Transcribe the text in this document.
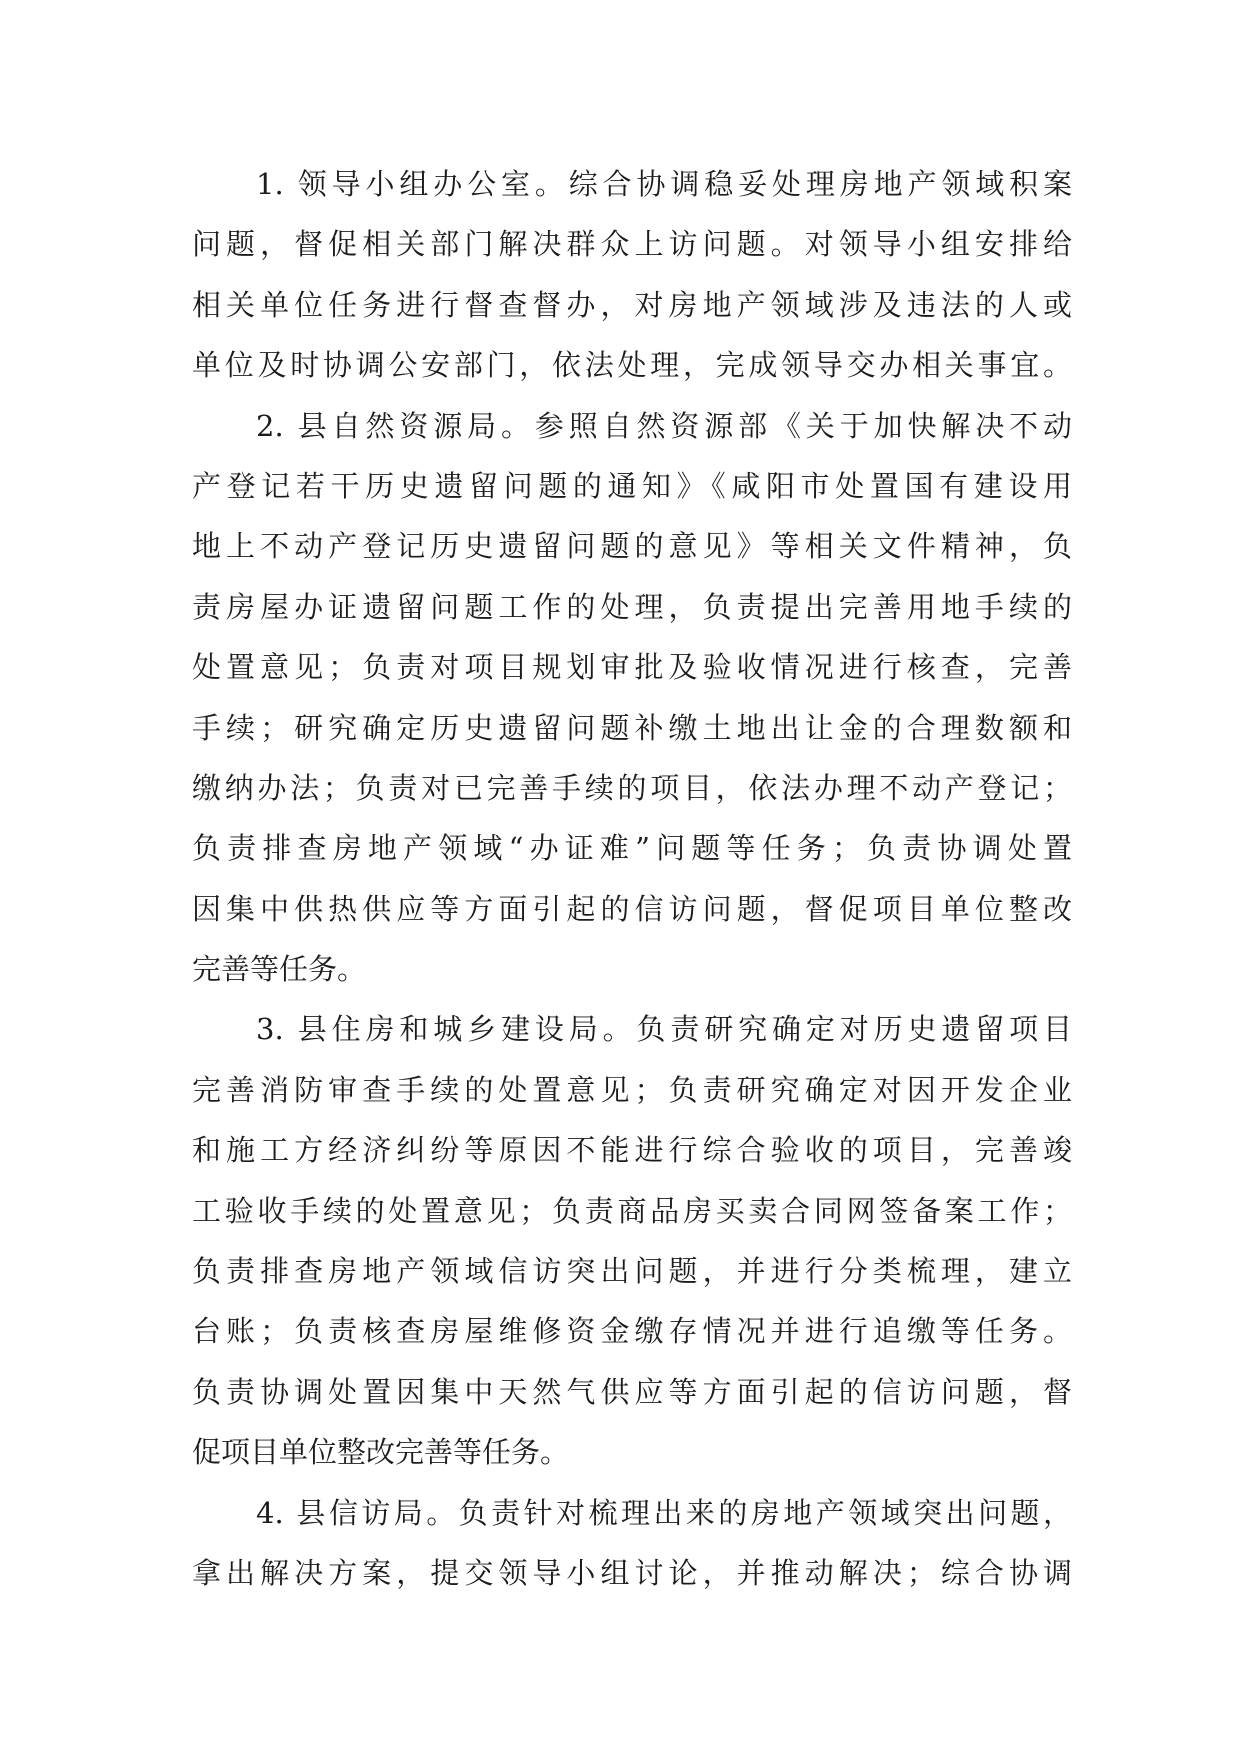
1. 领导小组办公室。综合协调稳妥处理房地产领域积案
问题，督促相关部门解决群众上访问题。对领导小组安排给
相关单位任务进行督查督办，对房地产领域涉及违法的人或
单位及时协调公安部门，依法处理，完成领导交办相关事宜。
2. 县自然资源局。参照自然资源部《关于加快解决不动
产登记若干历史遗留问题的通知》《咸阳市处置国有建设用
地上不动产登记历史遗留问题的意见》等相关文件精神，负
责房屋办证遗留问题工作的处理，负责提出完善用地手续的
处置意见；负责对项目规划审批及验收情况进行核查，完善
手续；研究确定历史遗留问题补缴土地出让金的合理数额和
缴纳办法；负责对已完善手续的项目，依法办理不动产登记；
负责排查房地产领域“办证难”问题等任务；负责协调处置
因集中供热供应等方面引起的信访问题，督促项目单位整改
完善等任务。
3. 县住房和城乡建设局。负责研究确定对历史遗留项目
完善消防审查手续的处置意见；负责研究确定对因开发企业
和施工方经济纠纷等原因不能进行综合验收的项目，完善竣
工验收手续的处置意见；负责商品房买卖合同网签备案工作；
负责排查房地产领域信访突出问题，并进行分类梳理，建立
台账；负责核查房屋维修资金缴存情况并进行追缴等任务。
负责协调处置因集中天然气供应等方面引起的信访问题，督
促项目单位整改完善等任务。
4. 县信访局。负责针对梳理出来的房地产领域突出问题，
拿出解决方案，提交领导小组讨论，并推动解决；综合协调
